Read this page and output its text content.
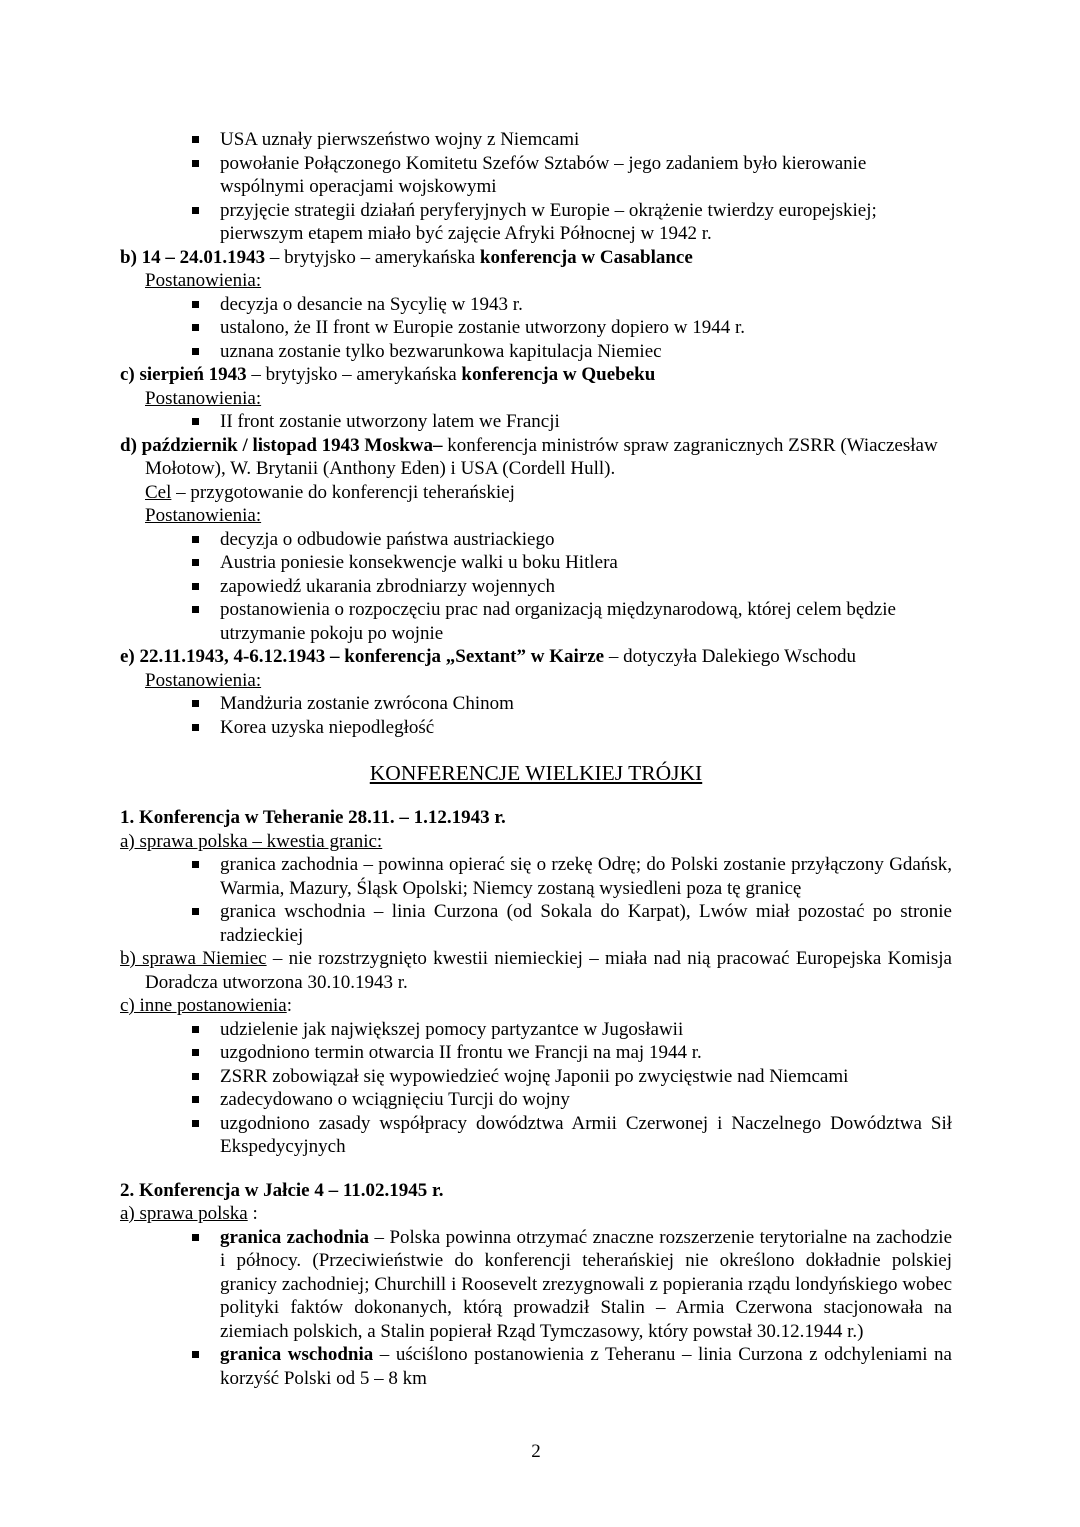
USA uznały pierwszeństwo wojny z Niemcami
powołanie Połączonego Komitetu Szefów Sztabów – jego zadaniem było kierowanie wspólnymi operacjami wojskowymi
przyjęcie strategii działań peryferyjnych w Europie – okrążenie twierdzy europejskiej; pierwszym etapem miało być zajęcie Afryki Północnej w 1942 r.
b) 14 – 24.01.1943 – brytyjsko – amerykańska konferencja w Casablance
Postanowienia:
decyzja o desancie na Sycylię w 1943 r.
ustalono, że II front w Europie zostanie utworzony dopiero w 1944 r.
uznana zostanie tylko bezwarunkowa kapitulacja Niemiec
c) sierpień 1943 – brytyjsko – amerykańska konferencja w Quebeku
Postanowienia:
II front zostanie utworzony latem we Francji
d) październik / listopad 1943 Moskwa– konferencja ministrów spraw zagranicznych ZSRR (Wiaczesław Mołotow), W. Brytanii (Anthony Eden) i USA (Cordell Hull).
Cel – przygotowanie do konferencji teherańskiej
Postanowienia:
decyzja o odbudowie państwa austriackiego
Austria poniesie konsekwencje walki u boku Hitlera
zapowiedź ukarania zbrodniarzy wojennych
postanowienia o rozpoczęciu prac nad organizacją międzynarodową, której celem będzie utrzymanie pokoju po wojnie
e) 22.11.1943, 4-6.12.1943 – konferencja „Sextant” w Kairze – dotyczyła Dalekiego Wschodu
Postanowienia:
Mandżuria zostanie zwrócona Chinom
Korea uzyska niepodległość
KONFERENCJE WIELKIEJ TRÓJKI
1. Konferencja w Teheranie 28.11. – 1.12.1943 r.
a) sprawa polska – kwestia granic:
granica zachodnia – powinna opierać się o rzekę Odrę; do Polski zostanie przyłączony Gdańsk, Warmia, Mazury, Śląsk Opolski; Niemcy zostaną wysiedleni poza tę granicę
granica wschodnia – linia Curzona (od Sokala do Karpat), Lwów miał pozostać po stronie radzieckiej
b) sprawa Niemiec – nie rozstrzygnięto kwestii niemieckiej – miała nad nią pracować Europejska Komisja Doradcza utworzona 30.10.1943 r.
c) inne postanowienia:
udzielenie jak największej pomocy partyzantce w Jugosławii
uzgodniono termin otwarcia II frontu we Francji na maj 1944 r.
ZSRR zobowiązał się wypowiedzieć wojnę Japonii po zwycięstwie nad Niemcami
zadecydowano o wciągnięciu Turcji do wojny
uzgodniono zasady współpracy dowództwa Armii Czerwonej i Naczelnego Dowództwa Sił Ekspedycyjnych
2. Konferencja w Jałcie 4 – 11.02.1945 r.
a) sprawa polska :
granica zachodnia – Polska powinna otrzymać znaczne rozszerzenie terytorialne na zachodzie i północy. (Przeciwieństwie do konferencji teherańskiej nie określono dokładnie polskiej granicy zachodniej; Churchill i Roosevelt zrezygnowali z popierania rządu londyńskiego wobec polityki faktów dokonanych, którą prowadził Stalin – Armia Czerwona stacjonowała na ziemiach polskich, a Stalin popierał Rząd Tymczasowy, który powstał 30.12.1944 r.)
granica wschodnia – uściślono postanowienia z Teheranu – linia Curzona z odchyleniami na korzyść Polski od 5 – 8 km
2
